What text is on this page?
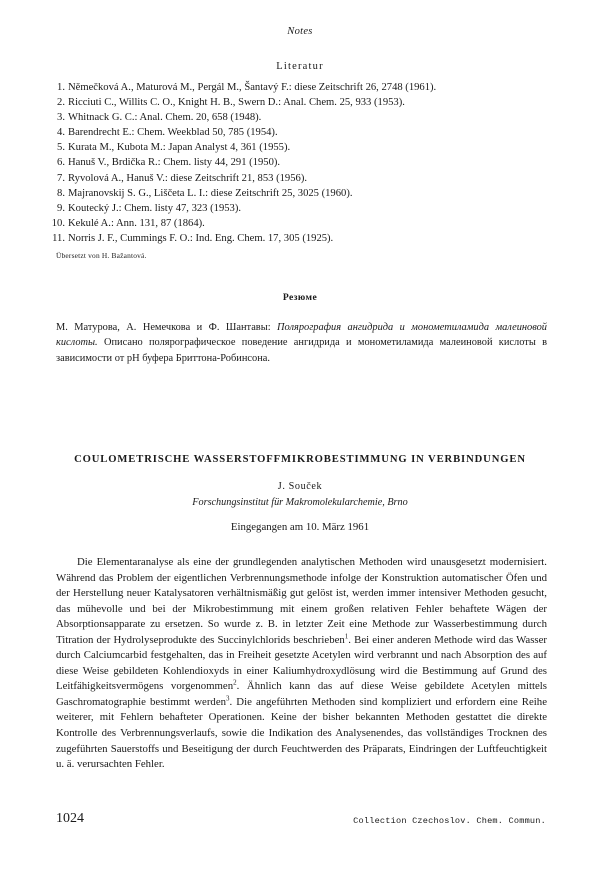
Notes
Literatur
1. Němečková A., Maturová M., Pergál M., Šantavý F.: diese Zeitschrift 26, 2748 (1961).
2. Ricciuti C., Willits C. O., Knight H. B., Swern D.: Anal. Chem. 25, 933 (1953).
3. Whitnack G. C.: Anal. Chem. 20, 658 (1948).
4. Barendrecht E.: Chem. Weekblad 50, 785 (1954).
5. Kurata M., Kubota M.: Japan Analyst 4, 361 (1955).
6. Hanuš V., Brdička R.: Chem. listy 44, 291 (1950).
7. Ryvolová A., Hanuš V.: diese Zeitschrift 21, 853 (1956).
8. Majranovskij S. G., Liščeta L. I.: diese Zeitschrift 25, 3025 (1960).
9. Koutecký J.: Chem. listy 47, 323 (1953).
10. Kekulé A.: Ann. 131, 87 (1864).
11. Norris J. F., Cummings F. O.: Ind. Eng. Chem. 17, 305 (1925).
Übersetzt von H. Bažantová.
Резюме
М. Матурова, А. Немечкова и Ф. Шантавы: Полярография ангидрида и монометиламида малеиновой кислоты. Описано полярографическое поведение ангидрида и монометиламида малеиновой кислоты в зависимости от pH буфера Бриттона-Робинсона.
COULOMETRISCHE WASSERSTOFFMIKROBESTIMMUNG IN VERBINDUNGEN
J. Souček
Forschungsinstitut für Makromolekularchemie, Brno
Eingegangen am 10. März 1961
Die Elementaranalyse als eine der grundlegenden analytischen Methoden wird unausgesetzt modernisiert. Während das Problem der eigentlichen Verbrennungsmethode infolge der Konstruktion automatischer Öfen und der Herstellung neuer Katalysatoren verhältnismäßig gut gelöst ist, werden immer intensiver Methoden gesucht, das mühevolle und bei der Mikrobestimmung mit einem großen relativen Fehler behaftete Wägen der Absorptionsapparate zu ersetzen. So wurde z. B. in letzter Zeit eine Methode zur Wasserbestimmung durch Titration der Hydrolyseprodukte des Succinylchlorids beschrieben$^1$. Bei einer anderen Methode wird das Wasser durch Calciumcarbid festgehalten, das in Freiheit gesetzte Acetylen wird verbrannt und nach Absorption des auf diese Weise gebildeten Kohlendioxyds in einer Kaliumhydroxydlösung wird die Bestimmung auf Grund des Leitfähigkeitsvermögens vorgenommen$^2$. Ähnlich kann das auf diese Weise gebildete Acetylen mittels Gaschromatographie bestimmt werden$^3$. Die angeführten Methoden sind kompliziert und erfordern eine Reihe weiterer, mit Fehlern behafteter Operationen. Keine der bisher bekannten Methoden gestattet die direkte Kontrolle des Verbrennungsverlaufs, sowie die Indikation des Analysenendes, das vollständiges Trocknen des zugeführten Sauerstoffs und Beseitigung der durch Feuchtwerden des Präparats, Eindringen der Luftfeuchtigkeit u. ä. verursachten Fehler.
1024	Collection Czechoslov. Chem. Commun.
